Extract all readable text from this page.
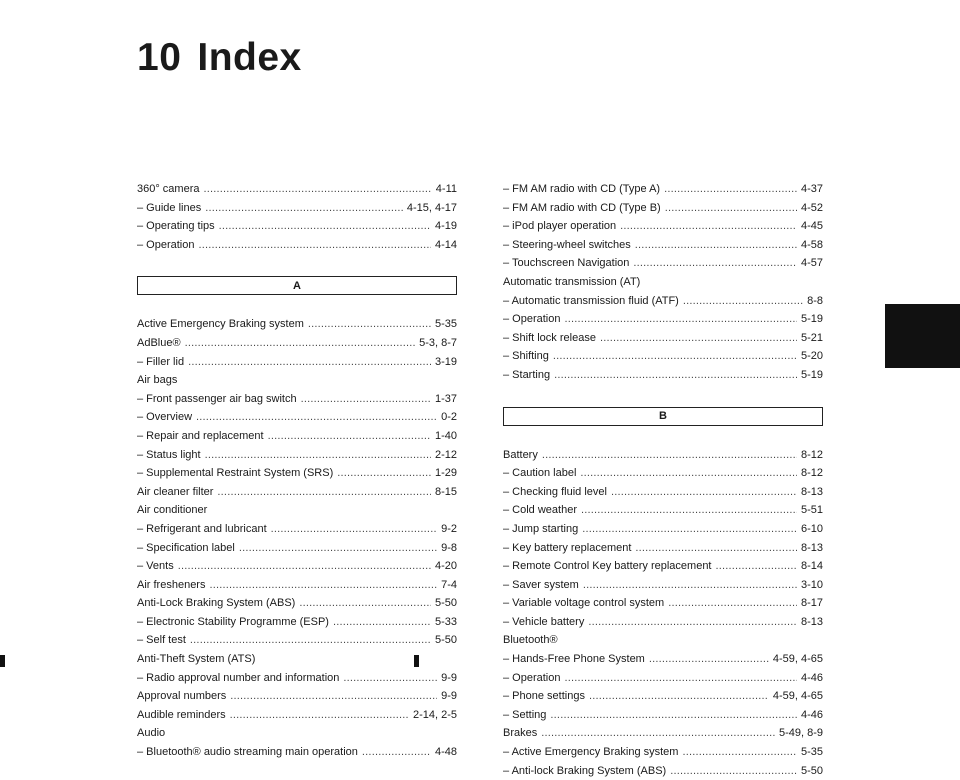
10 Index
360° camera .....	4-11
– Guide lines .....	4-15, 4-17
– Operating tips .....	4-19
– Operation .....	4-14
A
Active Emergency Braking system .....	5-35
AdBlue® .....	5-3, 8-7
– Filler lid .....	3-19
Air bags
– Front passenger air bag switch .....	1-37
– Overview .....	0-2
– Repair and replacement .....	1-40
– Status light .....	2-12
– Supplemental Restraint System (SRS) .....	1-29
Air cleaner filter .....	8-15
Air conditioner
– Refrigerant and lubricant .....	9-2
– Specification label .....	9-8
– Vents .....	4-20
Air fresheners .....	7-4
Anti-Lock Braking System (ABS) .....	5-50
– Electronic Stability Programme (ESP) .....	5-33
– Self test .....	5-50
Anti-Theft System (ATS)
– Radio approval number and information .....	9-9
Approval numbers .....	9-9
Audible reminders .....	2-14, 2-5
Audio
– Bluetooth® audio streaming main operation .....	4-48
– FM AM radio with CD (Type A) .....	4-37
– FM AM radio with CD (Type B) .....	4-52
– iPod player operation .....	4-45
– Steering-wheel switches .....	4-58
– Touchscreen Navigation .....	4-57
Automatic transmission (AT)
– Automatic transmission fluid (ATF) .....	8-8
– Operation .....	5-19
– Shift lock release .....	5-21
– Shifting .....	5-20
– Starting .....	5-19
B
Battery .....	8-12
– Caution label .....	8-12
– Checking fluid level .....	8-13
– Cold weather .....	5-51
– Jump starting .....	6-10
– Key battery replacement .....	8-13
– Remote Control Key battery replacement .....	8-14
– Saver system .....	3-10
– Variable voltage control system .....	8-17
– Vehicle battery .....	8-13
Bluetooth®
– Hands-Free Phone System .....	4-59, 4-65
– Operation .....	4-46
– Phone settings .....	4-59, 4-65
– Setting .....	4-46
Brakes .....	5-49, 8-9
– Active Emergency Braking system .....	5-35
– Anti-lock Braking System (ABS) .....	5-50
